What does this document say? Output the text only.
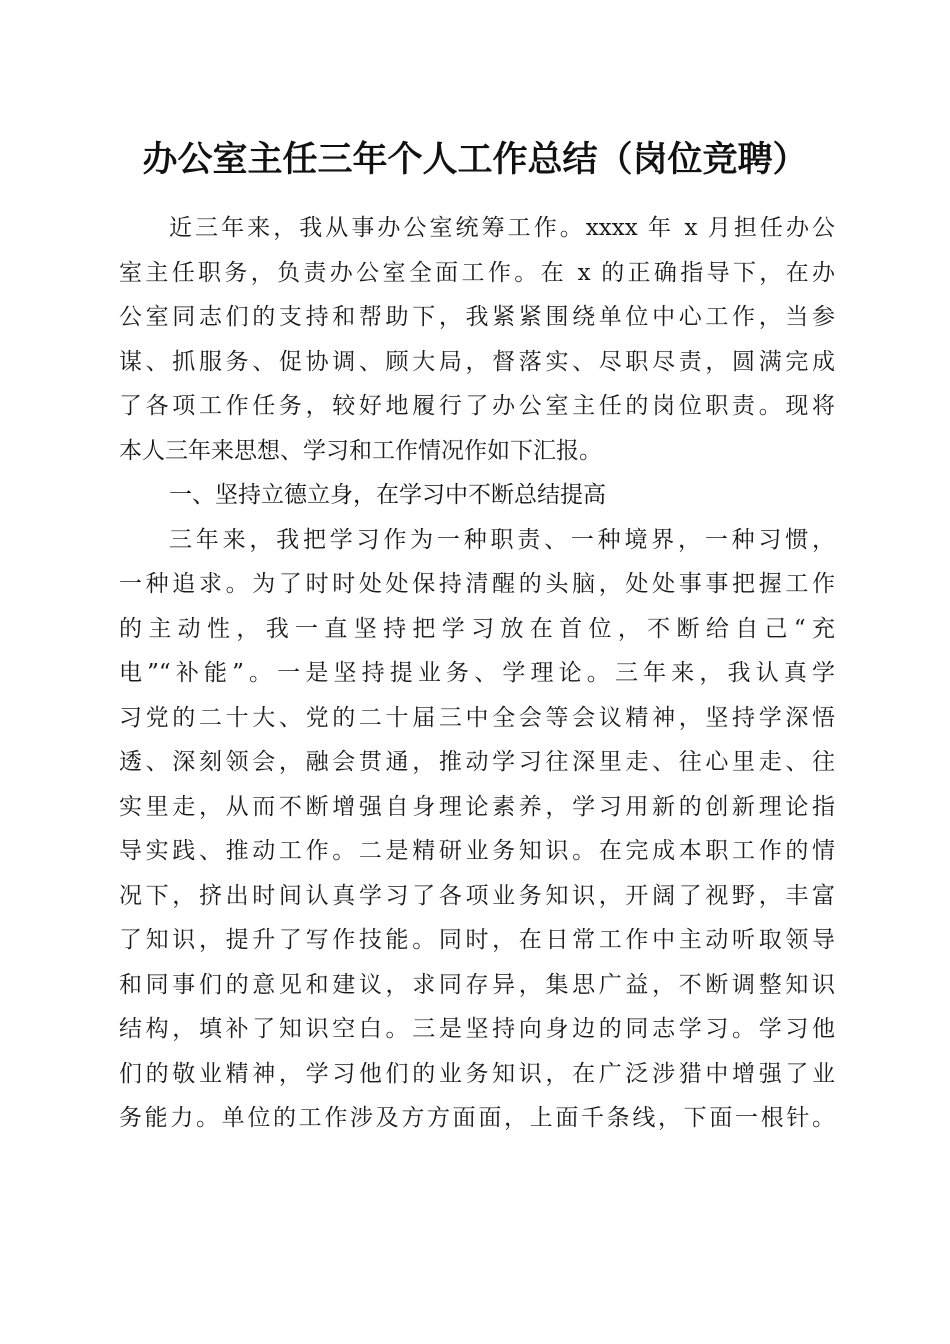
办公室主任三年个人工作总结（岗位竞聘）
近三年来，我从事办公室统筹工作。xxxx 年 x 月担任办公
室主任职务，负责办公室全面工作。在 x 的正确指导下，在办
公室同志们的支持和帮助下，我紧紧围绕单位中心工作，当参
谋、抓服务、促协调、顾大局，督落实、尽职尽责，圆满完成
了各项工作任务，较好地履行了办公室主任的岗位职责。现将
本人三年来思想、学习和工作情况作如下汇报。
一、坚持立德立身，在学习中不断总结提高
三年来，我把学习作为一种职责、一种境界，一种习惯，
一种追求。为了时时处处保持清醒的头脑，处处事事把握工作
的主动性，我一直坚持把学习放在首位，不断给自己“充
电”“补能”。一是坚持提业务、学理论。三年来，我认真学
习党的二十大、党的二十届三中全会等会议精神，坚持学深悟
透、深刻领会，融会贯通，推动学习往深里走、往心里走、往
实里走，从而不断增强自身理论素养，学习用新的创新理论指
导实践、推动工作。二是精研业务知识。在完成本职工作的情
况下，挤出时间认真学习了各项业务知识，开阔了视野，丰富
了知识，提升了写作技能。同时，在日常工作中主动听取领导
和同事们的意见和建议，求同存异，集思广益，不断调整知识
结构，填补了知识空白。三是坚持向身边的同志学习。学习他
们的敬业精神，学习他们的业务知识，在广泛涉猎中增强了业
务能力。单位的工作涉及方方面面，上面千条线，下面一根针。
